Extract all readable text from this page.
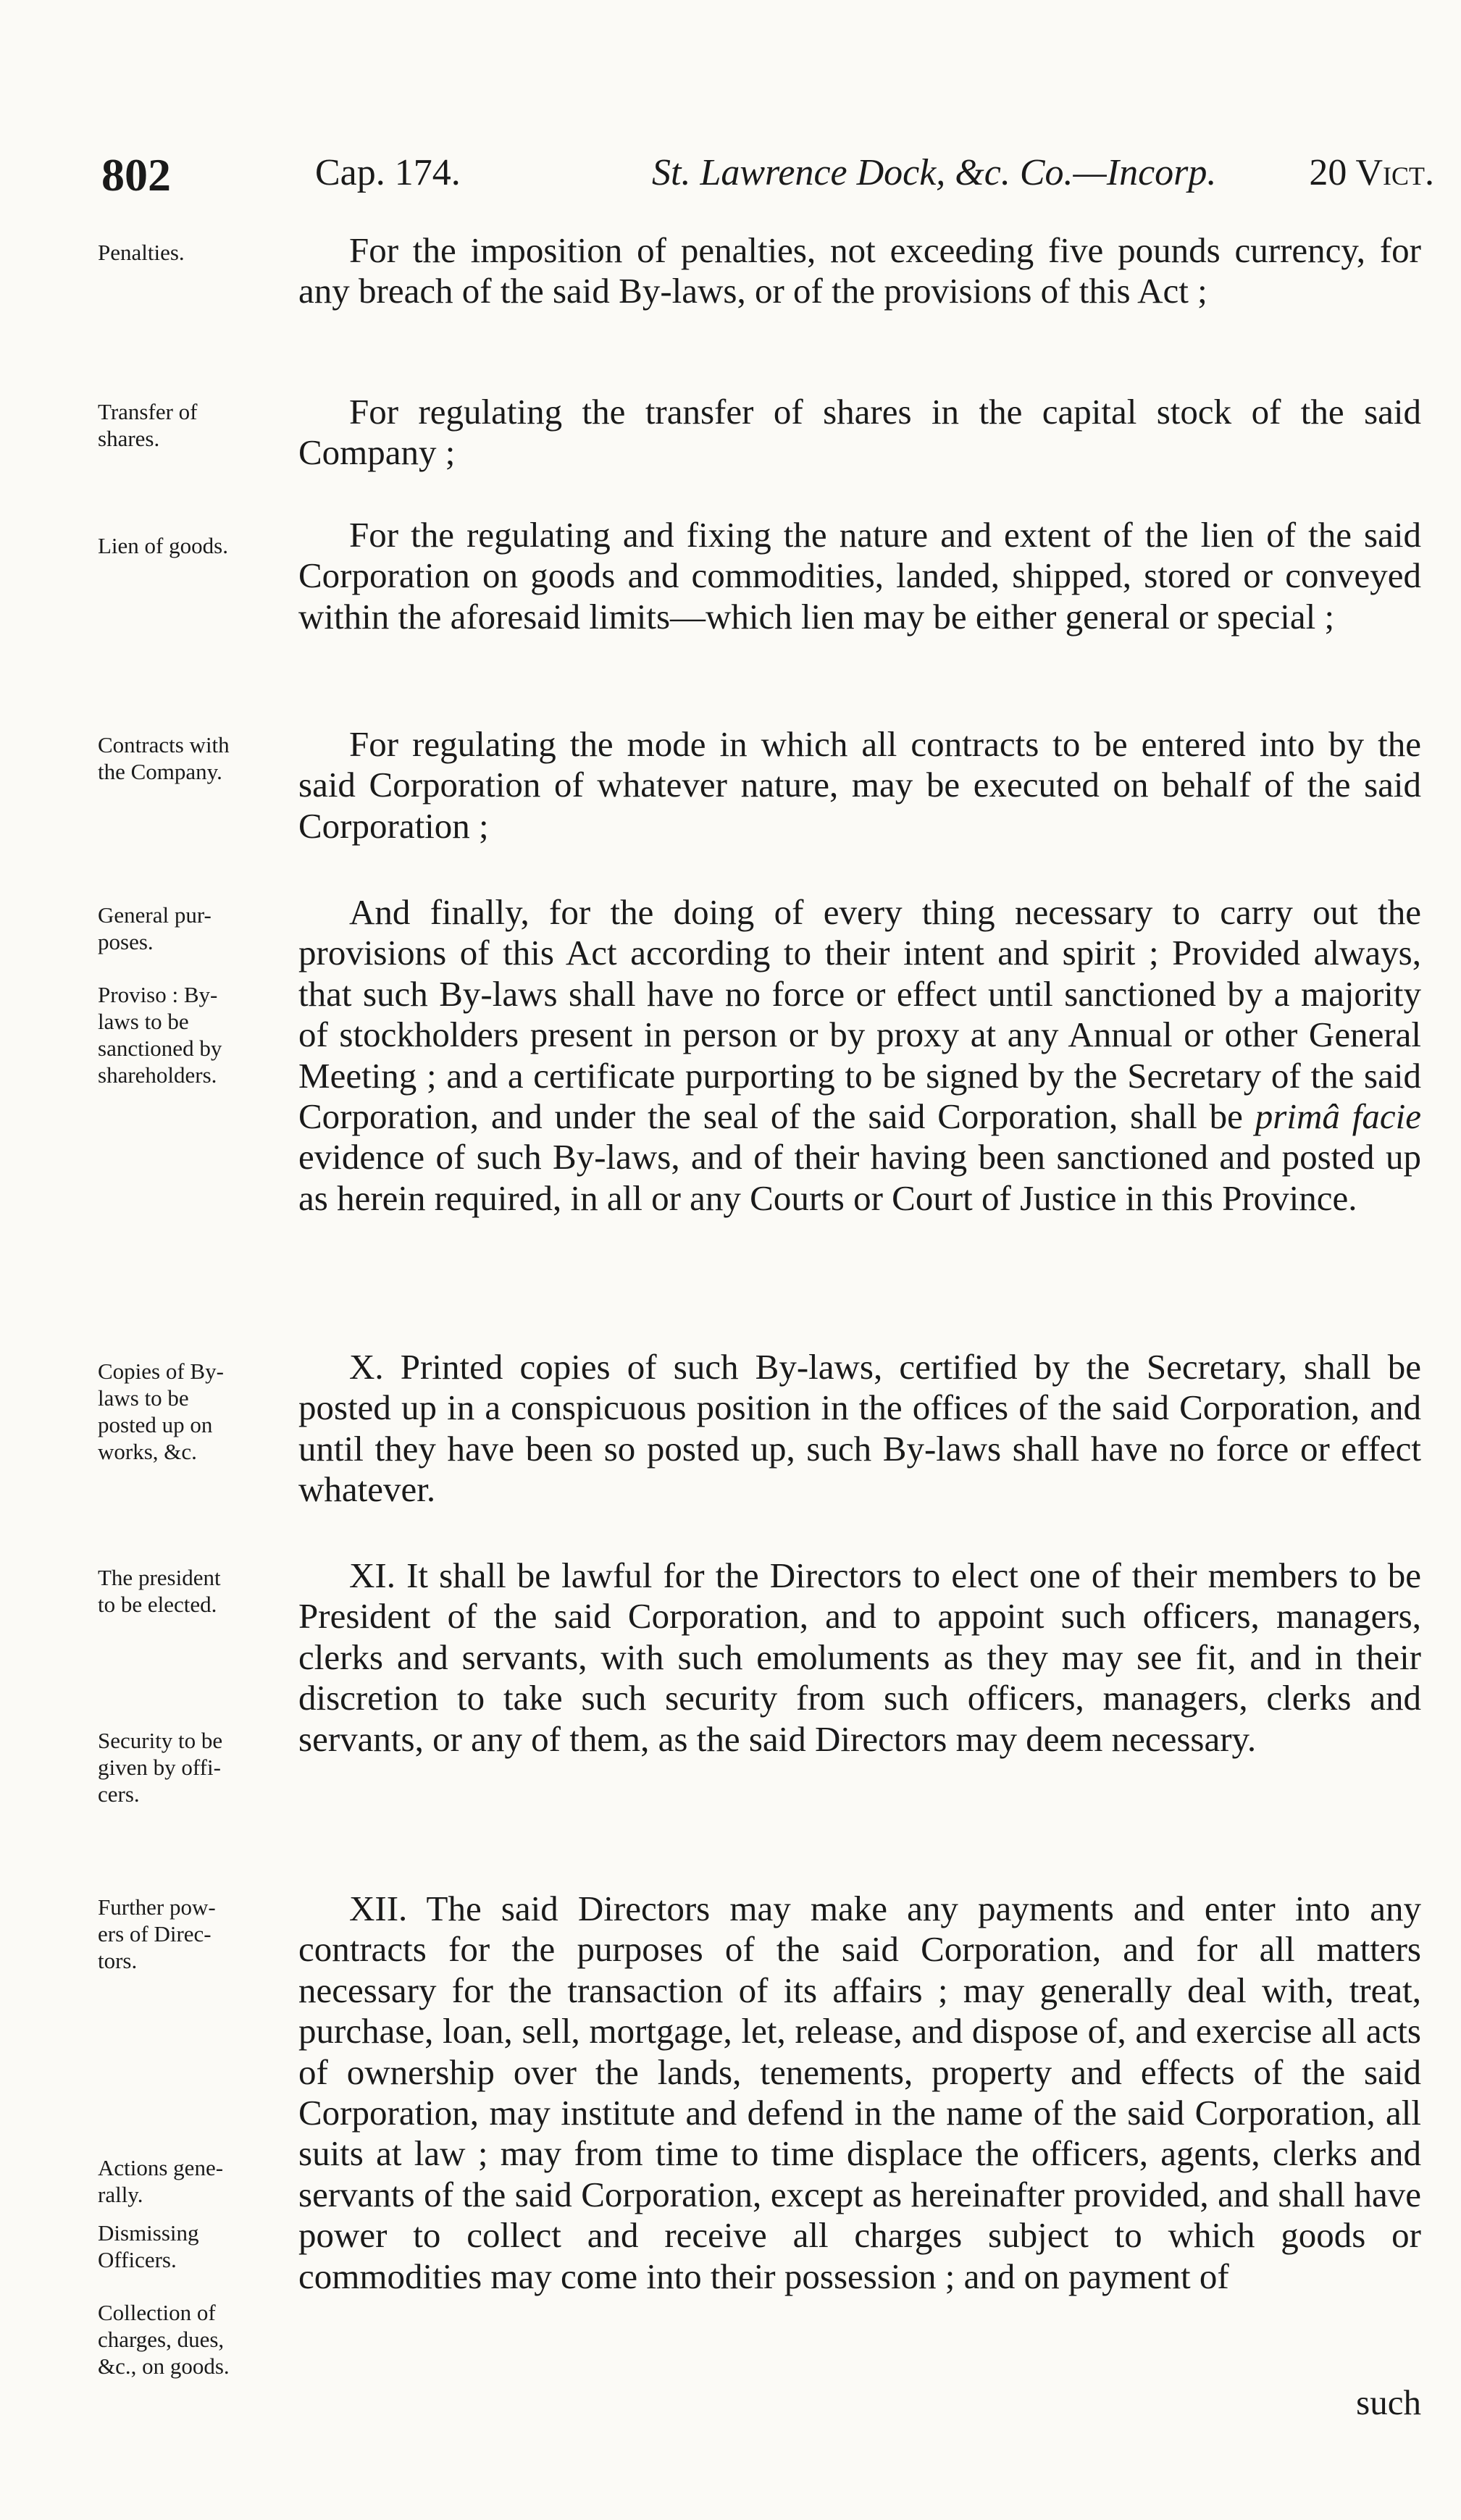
802	Cap. 174.	St. Lawrence Dock, &c. Co.—Incorp. 20 Vict.
Penalties.
Transfer of
shares.
Lien of goods.
Contracts with
the Company.
General pur-
poses.
Proviso : By-
laws to be
sanctioned by
shareholders.
Copies of By-
laws to be
posted up on
works, &c.
The president
to be elected.
Security to be
given by offi-
cers.
Further pow-
ers of Direc-
tors.
Actions gene-
rally.
Dismissing
Officers.
Collection of
charges, dues,
&c., on goods.
For the imposition of penalties, not exceeding five pounds currency, for any breach of the said By-laws, or of the provisions of this Act ;
For regulating the transfer of shares in the capital stock of the said Company ;
For the regulating and fixing the nature and extent of the lien of the said Corporation on goods and commodities, landed, shipped, stored or conveyed within the aforesaid limits—which lien may be either general or special ;
For regulating the mode in which all contracts to be entered into by the said Corporation of whatever nature, may be executed on behalf of the said Corporation ;
And finally, for the doing of every thing necessary to carry out the provisions of this Act according to their intent and spirit ; Provided always, that such By-laws shall have no force or effect until sanctioned by a majority of stockholders present in person or by proxy at any Annual or other General Meeting ; and a certificate purporting to be signed by the Secretary of the said Corporation, and under the seal of the said Corporation, shall be primâ facie evidence of such By-laws, and of their having been sanctioned and posted up as herein required, in all or any Courts or Court of Justice in this Province.
X. Printed copies of such By-laws, certified by the Secretary, shall be posted up in a conspicuous position in the offices of the said Corporation, and until they have been so posted up, such By-laws shall have no force or effect whatever.
XI. It shall be lawful for the Directors to elect one of their members to be President of the said Corporation, and to appoint such officers, managers, clerks and servants, with such emoluments as they may see fit, and in their discretion to take such security from such officers, managers, clerks and servants, or any of them, as the said Directors may deem necessary.
XII. The said Directors may make any payments and enter into any contracts for the purposes of the said Corporation, and for all matters necessary for the transaction of its affairs ; may generally deal with, treat, purchase, loan, sell, mortgage, let, release, and dispose of, and exercise all acts of ownership over the lands, tenements, property and effects of the said Corporation, may institute and defend in the name of the said Corporation, all suits at law ; may from time to time displace the officers, agents, clerks and servants of the said Corporation, except as hereinafter provided, and shall have power to collect and receive all charges subject to which goods or commodities may come into their possession ; and on payment of
such
